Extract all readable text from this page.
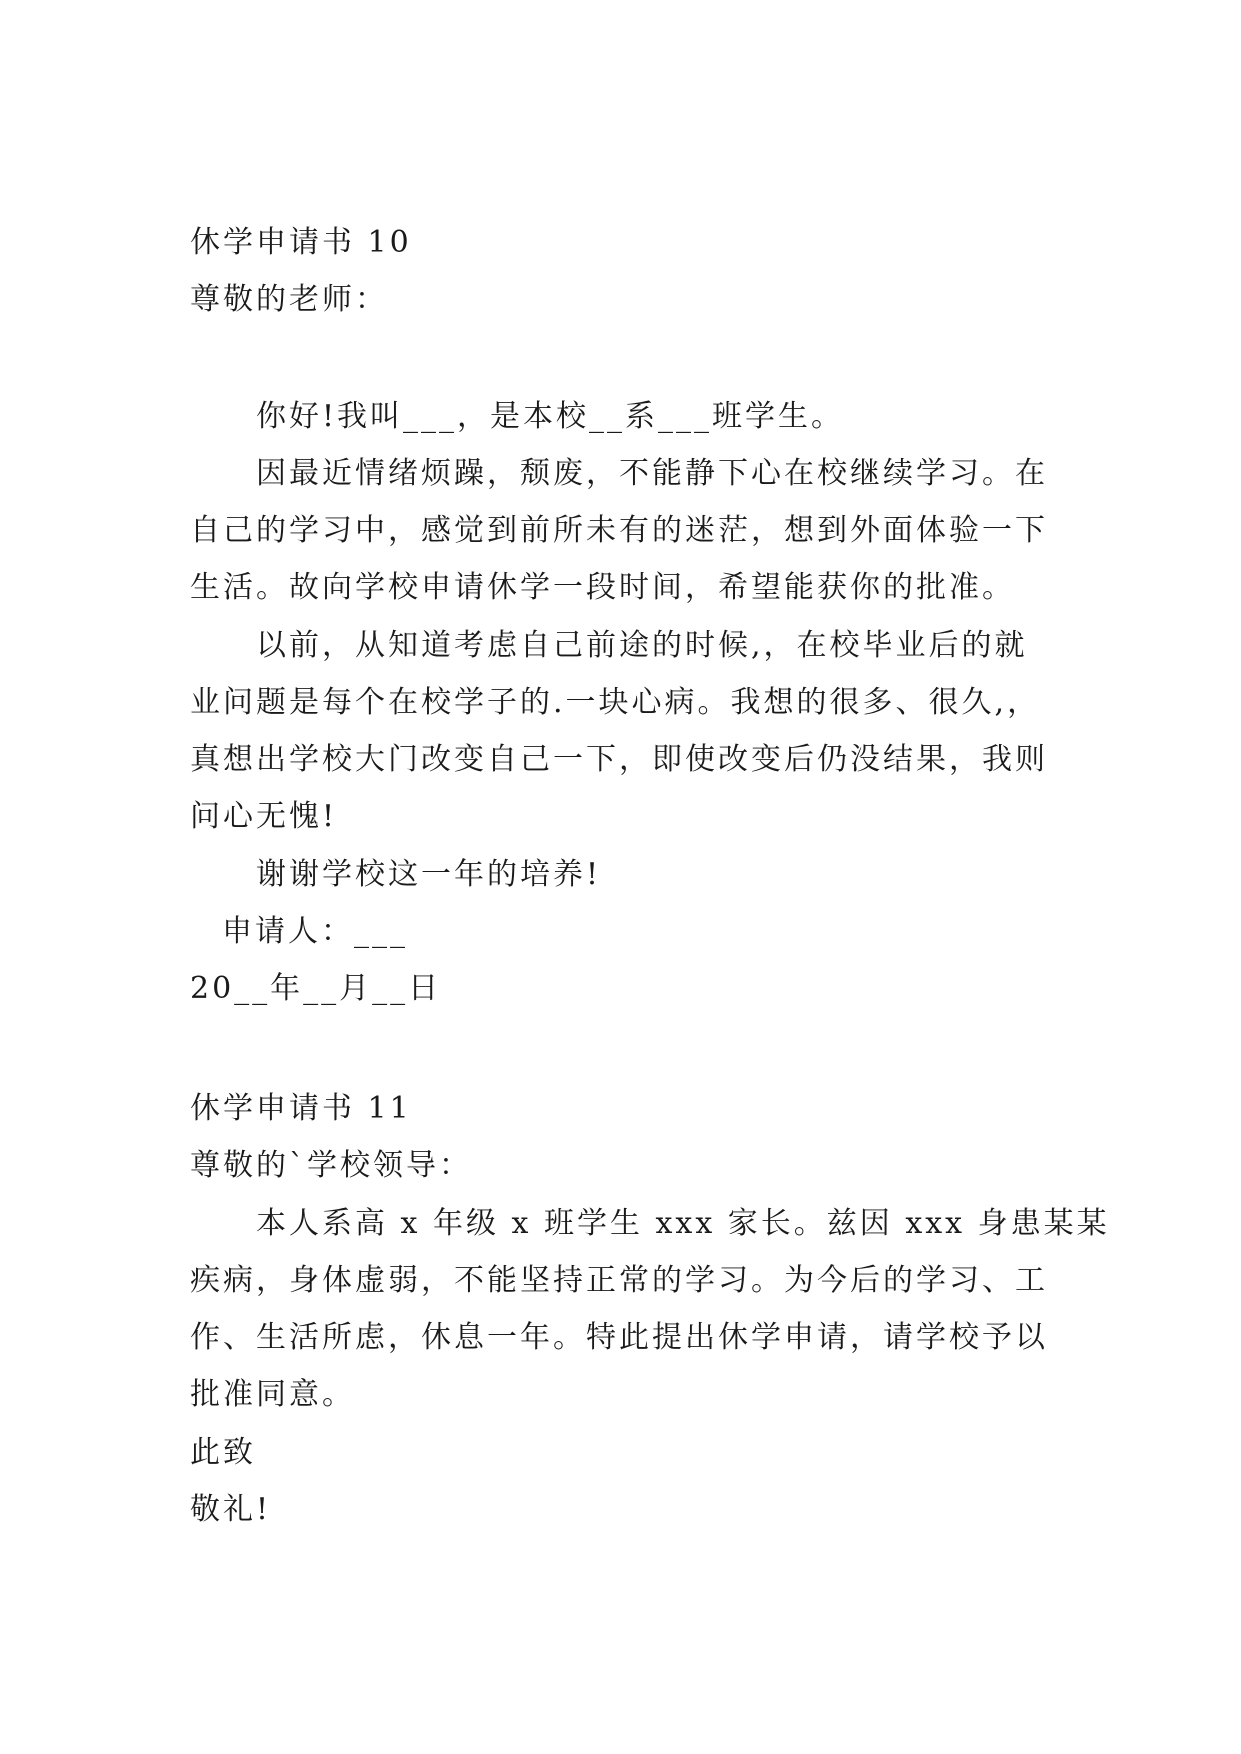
休学申请书 10
尊敬的老师：
你好!我叫___，是本校__系___班学生。
因最近情绪烦躁，颓废，不能静下心在校继续学习。在
自己的学习中，感觉到前所未有的迷茫，想到外面体验一下
生活。故向学校申请休学一段时间，希望能获你的批准。
以前，从知道考虑自己前途的时候,，在校毕业后的就
业问题是每个在校学子的.一块心病。我想的很多、很久,，
真想出学校大门改变自己一下，即使改变后仍没结果，我则
问心无愧!
谢谢学校这一年的培养!
申请人：___
20__年__月__日
休学申请书 11
尊敬的`学校领导：
本人系高 x 年级 x 班学生 xxx 家长。兹因 xxx 身患某某
疾病，身体虚弱，不能坚持正常的学习。为今后的学习、工
作、生活所虑，休息一年。特此提出休学申请，请学校予以
批准同意。
此致
敬礼!
